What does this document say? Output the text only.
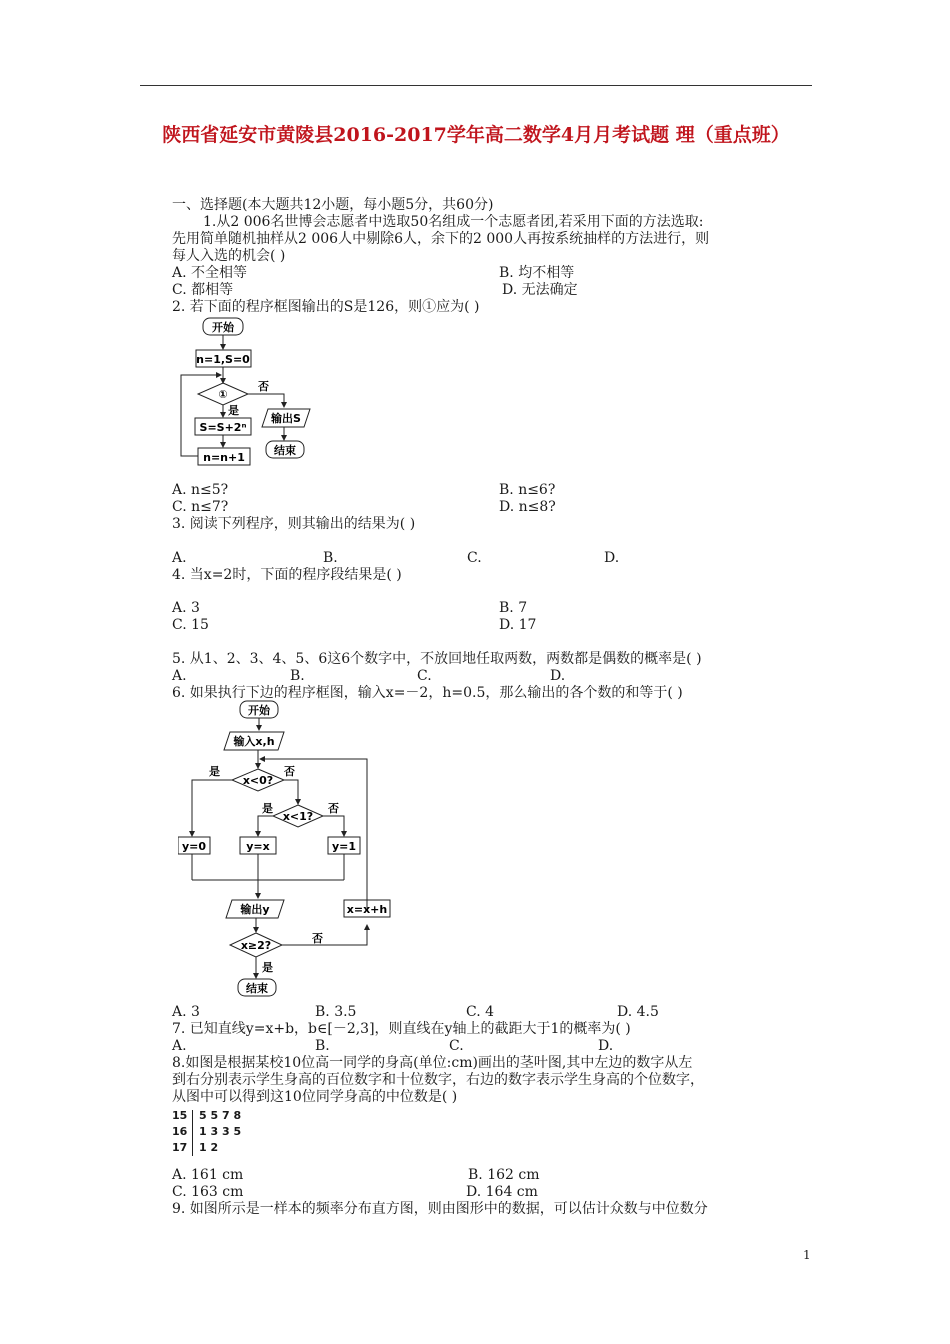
陕西省延安市黄陵县2016-2017学年高二数学4月月考试题 理（重点班）
一、选择题(本大题共12小题，每小题5分，共60分)
1.从2 006名世博会志愿者中选取50名组成一个志愿者团,若采用下面的方法选取:
先用简单随机抽样从2 006人中剔除6人，余下的2 000人再按系统抽样的方法进行，则
每人入选的机会( )
A. 不全相等	B. 均不相等
C. 都相等	D. 无法确定
2. 若下面的程序框图输出的S是126，则①应为( )
开始
n=1,S=0
①
否
是
S=S+2ⁿ
n=n+1
输出S
结束
A. n≤5?	B. n≤6?
C. n≤7?	D. n≤8?
3. 阅读下列程序，则其输出的结果为( )
A.	B.	C.	D.
4. 当x=2时，下面的程序段结果是( )
A. 3	B. 7
C. 15	D. 17
5. 从1、2、3、4、5、6这6个数字中，不放回地任取两数，两数都是偶数的概率是( )
A.	B.	C.	D.
6. 如果执行下边的程序框图，输入x=－2，h=0.5，那么输出的各个数的和等于( )
开始
输入x,h
x<0?
是	否
x<1?
是	否
y=0	y=x	y=1
输出y	x=x+h
x≥2?
否
是
结束
A. 3	B. 3.5	C. 4	D. 4.5
7. 已知直线y=x+b，b∈[－2,3]，则直线在y轴上的截距大于1的概率为( )
A.	B.	C.	D.
8.如图是根据某校10位高一同学的身高(单位:cm)画出的茎叶图,其中左边的数字从左
到右分别表示学生身高的百位数字和十位数字，右边的数字表示学生身高的个位数字，
从图中可以得到这10位同学身高的中位数是( )
15	5 5 7 8
16	1 3 3 5
17	1 2
A. 161 cm	B. 162 cm
C. 163 cm	D. 164 cm
9. 如图所示是一样本的频率分布直方图，则由图形中的数据，可以估计众数与中位数分
1
